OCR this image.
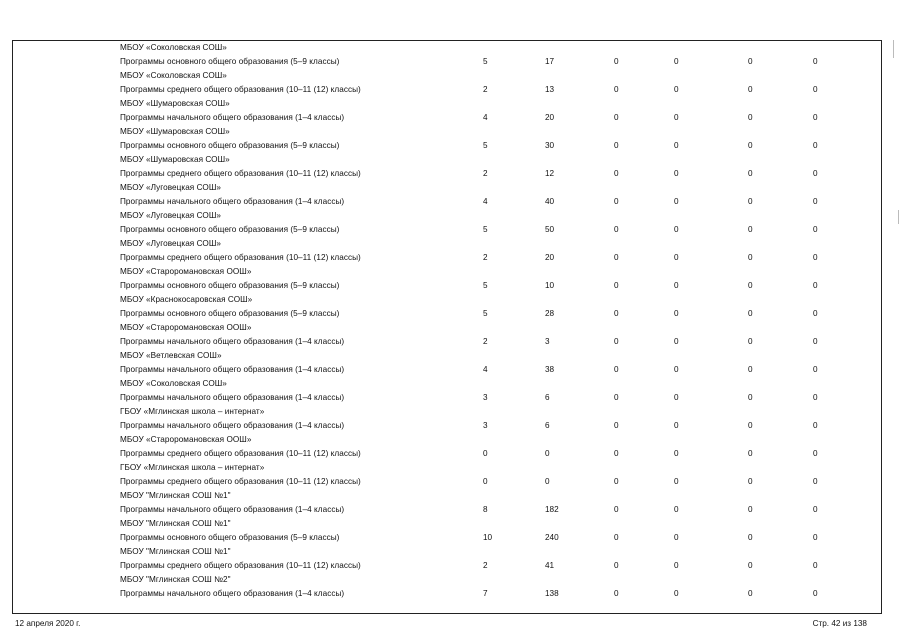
МБОУ «Соколовская СОШ»
Программы основного общего образования (5–9 классы)	5	17	0	0	0	0
МБОУ «Соколовская СОШ»
Программы среднего общего образования (10–11 (12) классы)	2	13	0	0	0	0
МБОУ «Шумаровская СОШ»
Программы начального общего образования (1–4 классы)	4	20	0	0	0	0
МБОУ «Шумаровская СОШ»
Программы основного общего образования (5–9 классы)	5	30	0	0	0	0
МБОУ «Шумаровская СОШ»
Программы среднего общего образования (10–11 (12) классы)	2	12	0	0	0	0
МБОУ «Луговецкая СОШ»
Программы начального общего образования (1–4 классы)	4	40	0	0	0	0
МБОУ «Луговецкая СОШ»
Программы основного общего образования (5–9 классы)	5	50	0	0	0	0
МБОУ «Луговецкая СОШ»
Программы среднего общего образования (10–11 (12) классы)	2	20	0	0	0	0
МБОУ «Староромановская ООШ»
Программы основного общего образования (5–9 классы)	5	10	0	0	0	0
МБОУ «Краснокосаровская СОШ»
Программы основного общего образования (5–9 классы)	5	28	0	0	0	0
МБОУ «Староромановская ООШ»
Программы начального общего образования (1–4 классы)	2	3	0	0	0	0
МБОУ «Ветлевская СОШ»
Программы начального общего образования (1–4 классы)	4	38	0	0	0	0
МБОУ «Соколовская СОШ»
Программы начального общего образования (1–4 классы)	3	6	0	0	0	0
ГБОУ «Мглинская школа – интернат»
Программы начального общего образования (1–4 классы)	3	6	0	0	0	0
МБОУ «Староромановская ООШ»
Программы среднего общего образования (10–11 (12) классы)	0	0	0	0	0	0
ГБОУ «Мглинская школа – интернат»
Программы среднего общего образования (10–11 (12) классы)	0	0	0	0	0	0
МБОУ "Мглинская СОШ №1"
Программы начального общего образования (1–4 классы)	8	182	0	0	0	0
МБОУ "Мглинская СОШ №1"
Программы основного общего образования (5–9 классы)	10	240	0	0	0	0
МБОУ "Мглинская СОШ №1"
Программы среднего общего образования (10–11 (12) классы)	2	41	0	0	0	0
МБОУ "Мглинская СОШ №2"
Программы начального общего образования (1–4 классы)	7	138	0	0	0	0
12 апреля 2020 г.	Стр. 42 из 138
